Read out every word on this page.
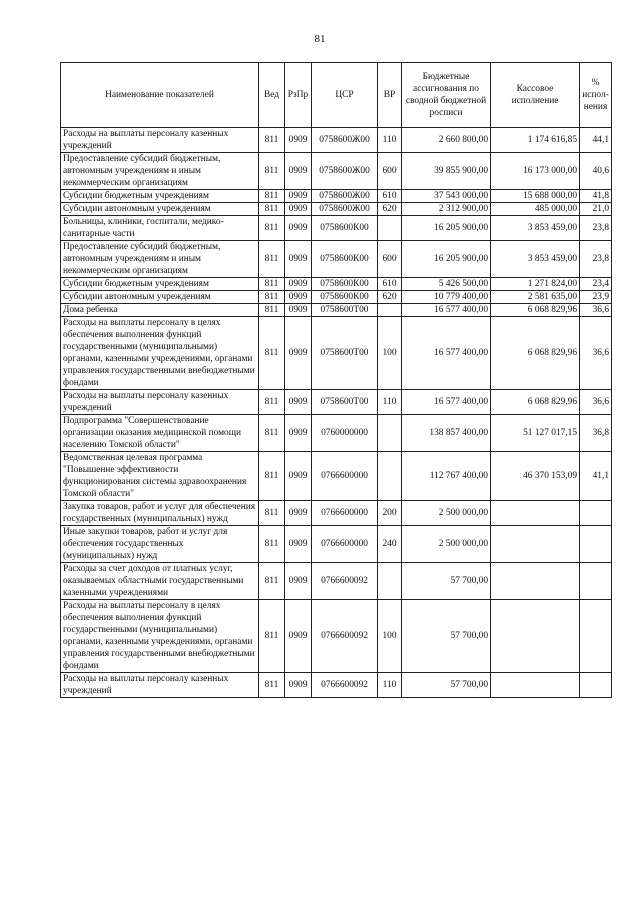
81
Наименование показателей	Вед	РзПр	ЦСР	ВР	Бюджетные ассигнования по сводной бюджетной росписи	Кассовое исполнение	% испол- нения
Расходы на выплаты персоналу казенных учреждений	811	0909	0758600Ж00	110	2 660 800,00	1 174 616,85	44,1
Предоставление субсидий бюджетным, автономным учреждениям и иным некоммерческим организациям	811	0909	0758600Ж00	600	39 855 900,00	16 173 000,00	40,6
Субсидии бюджетным учреждениям	811	0909	0758600Ж00	610	37 543 000,00	15 688 000,00	41,8
Субсидии автономным учреждениям	811	0909	0758600Ж00	620	2 312 900,00	485 000,00	21,0
Больницы, клиники, госпитали, медико-санитарные части	811	0909	0758600К00		16 205 900,00	3 853 459,00	23,8
Предоставление субсидий бюджетным, автономным учреждениям и иным некоммерческим организациям	811	0909	0758600К00	600	16 205 900,00	3 853 459,00	23,8
Субсидии бюджетным учреждениям	811	0909	0758600К00	610	5 426 500,00	1 271 824,00	23,4
Субсидии автономным учреждениям	811	0909	0758600К00	620	10 779 400,00	2 581 635,00	23,9
Дома ребенка	811	0909	0758600Т00		16 577 400,00	6 068 829,96	36,6
Расходы на выплаты персоналу в целях обеспечения выполнения функций государственными (муниципальными) органами, казенными учреждениями, органами управления государственными внебюджетными фондами	811	0909	0758600Т00	100	16 577 400,00	6 068 829,96	36,6
Расходы на выплаты персоналу казенных учреждений	811	0909	0758600Т00	110	16 577 400,00	6 068 829,96	36,6
Подпрограмма "Совершенствование организации оказания медицинской помощи населению Томской области"	811	0909	0760000000		138 857 400,00	51 127 017,15	36,8
Ведомственная целевая программа "Повышение эффективности функционирования системы здравоохранения Томской области"	811	0909	0766600000		112 767 400,00	46 370 153,09	41,1
Закупка товаров, работ и услуг для обеспечения государственных (муниципальных) нужд	811	0909	0766600000	200	2 500 000,00		
Иные закупки товаров, работ и услуг для обеспечения государственных (муниципальных) нужд	811	0909	0766600000	240	2 500 000,00		
Расходы за счет доходов от платных услуг, оказываемых областными государственными казенными учреждениями	811	0909	0766600092		57 700,00		
Расходы на выплаты персоналу в целях обеспечения выполнения функций государственными (муниципальными) органами, казенными учреждениями, органами управления государственными внебюджетными фондами	811	0909	0766600092	100	57 700,00		
Расходы на выплаты персоналу казенных учреждений	811	0909	0766600092	110	57 700,00		
